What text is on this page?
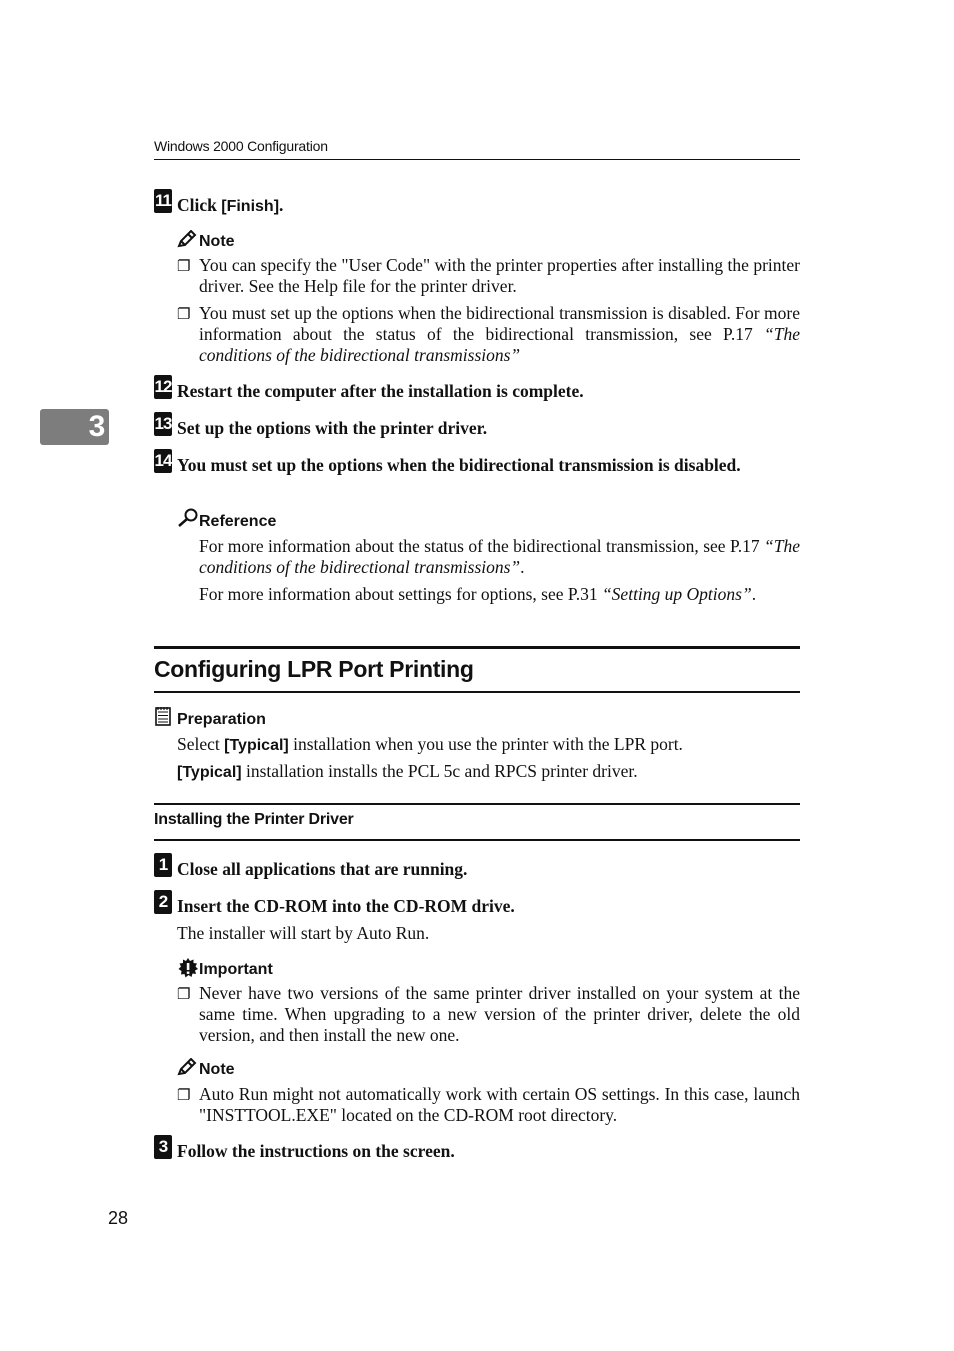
Windows 2000 Configuration
3
11 Click [Finish].
Note
❐ You can specify the "User Code" with the printer properties after installing the printer driver. See the Help file for the printer driver.
❐ You must set up the options when the bidirectional transmission is disabled. For more information about the status of the bidirectional transmission, see P.17 “The conditions of the bidirectional transmissions”
12 Restart the computer after the installation is complete.
13 Set up the options with the printer driver.
14 You must set up the options when the bidirectional transmission is disabled.
Reference
For more information about the status of the bidirectional transmission, see P.17 “The conditions of the bidirectional transmissions”.
For more information about settings for options, see P.31 “Setting up Options”.
Configuring LPR Port Printing
Preparation
Select [Typical] installation when you use the printer with the LPR port.
[Typical] installation installs the PCL 5c and RPCS printer driver.
Installing the Printer Driver
1 Close all applications that are running.
2 Insert the CD-ROM into the CD-ROM drive.
The installer will start by Auto Run.
Important
❐ Never have two versions of the same printer driver installed on your system at the same time. When upgrading to a new version of the printer driver, delete the old version, and then install the new one.
Note
❐ Auto Run might not automatically work with certain OS settings. In this case, launch "INSTTOOL.EXE" located on the CD-ROM root directory.
3 Follow the instructions on the screen.
28
